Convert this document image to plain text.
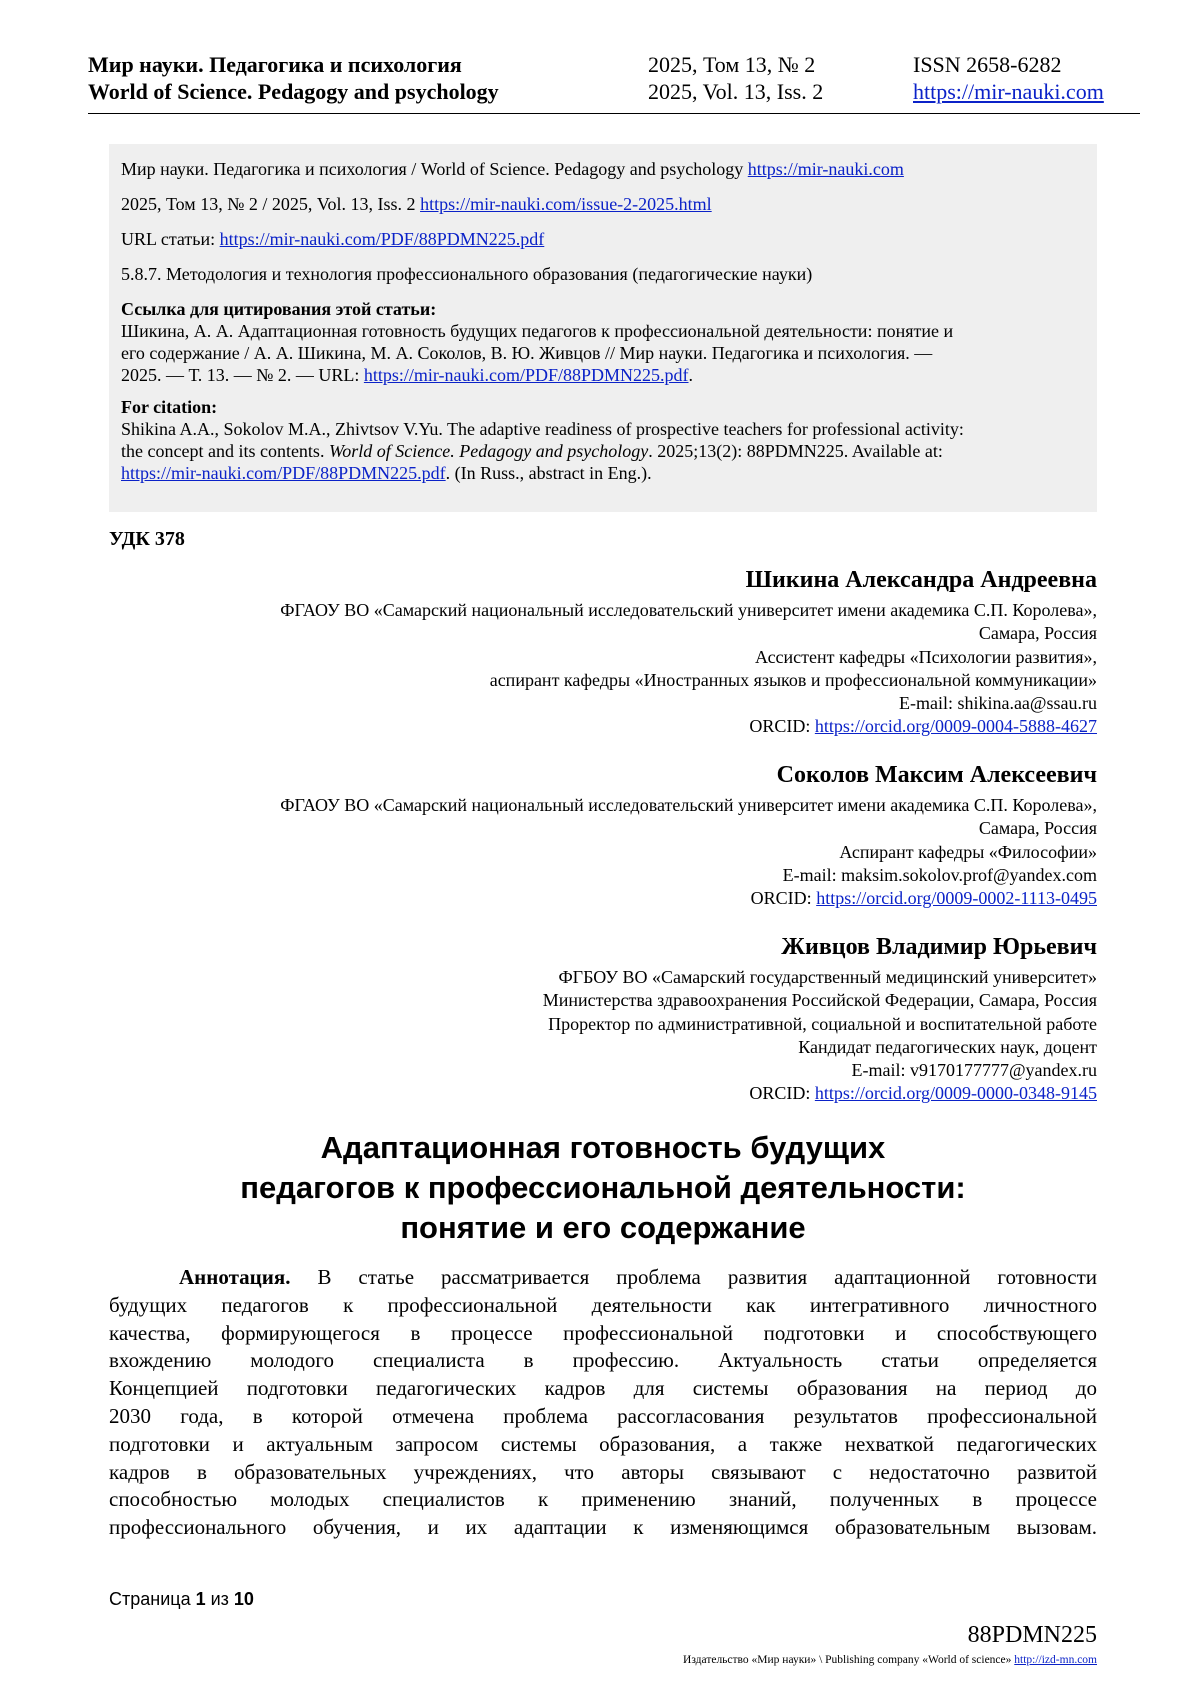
Мир науки. Педагогика и психология	2025, Том 13, № 2	ISSN 2658-6282
World of Science. Pedagogy and psychology	2025, Vol. 13, Iss. 2	https://mir-nauki.com

Мир науки. Педагогика и психология / World of Science. Pedagogy and psychology https://mir-nauki.com

2025, Том 13, № 2 / 2025, Vol. 13, Iss. 2 https://mir-nauki.com/issue-2-2025.html

URL статьи: https://mir-nauki.com/PDF/88PDMN225.pdf

5.8.7. Методология и технология профессионального образования (педагогические науки)

Ссылка для цитирования этой статьи:

Шикина, А. А. Адаптационная готовность будущих педагогов к профессиональной деятельности: понятие и

его содержание / А. А. Шикина, М. А. Соколов, В. Ю. Живцов // Мир науки. Педагогика и психология. —

2025. — Т. 13. — № 2. — URL: https://mir-nauki.com/PDF/88PDMN225.pdf.

For citation:

Shikina A.A., Sokolov M.A., Zhivtsov V.Yu. The adaptive readiness of prospective teachers for professional activity:

the concept and its contents. World of Science. Pedagogy and psychology. 2025;13(2): 88PDMN225. Available at:

https://mir-nauki.com/PDF/88PDMN225.pdf. (In Russ., abstract in Eng.).

УДК 378
Шикина Александра Андреевна
ФГАОУ ВО «Самарский национальный исследовательский университет имени академика С.П. Королева»,
Самара, Россия
Ассистент кафедры «Психологии развития»,
аспирант кафедры «Иностранных языков и профессиональной коммуникации»
E-mail: shikina.aa@ssau.ru
ORCID: https://orcid.org/0009-0004-5888-4627
Соколов Максим Алексеевич
ФГАОУ ВО «Самарский национальный исследовательский университет имени академика С.П. Королева»,
Самара, Россия
Аспирант кафедры «Философии»
E-mail: maksim.sokolov.prof@yandex.com
ORCID: https://orcid.org/0009-0002-1113-0495
Живцов Владимир Юрьевич
ФГБОУ ВО «Самарский государственный медицинский университет»
Министерства здравоохранения Российской Федерации, Самара, Россия
Проректор по административной, социальной и воспитательной работе
Кандидат педагогических наук, доцент
E-mail: v9170177777@yandex.ru
ORCID: https://orcid.org/0009-0000-0348-9145
Адаптационная готовность будущих
педагогов к профессиональной деятельности:
понятие и его содержание
Аннотация. В статье рассматривается проблема развития адаптационной готовности
будущих педагогов к профессиональной деятельности как интегративного личностного
качества, формирующегося в процессе профессиональной подготовки и способствующего
вхождению молодого специалиста в профессию. Актуальность статьи определяется
Концепцией подготовки педагогических кадров для системы образования на период до
2030 года, в которой отмечена проблема рассогласования результатов профессиональной
подготовки и актуальным запросом системы образования, а также нехваткой педагогических
кадров в образовательных учреждениях, что авторы связывают с недостаточно развитой
способностью молодых специалистов к применению знаний, полученных в процессе
профессионального обучения, и их адаптации к изменяющимся образовательным вызовам.
Страница 1 из 10
88PDMN225
Издательство «Мир науки» \ Publishing company «World of science» http://izd-mn.com
